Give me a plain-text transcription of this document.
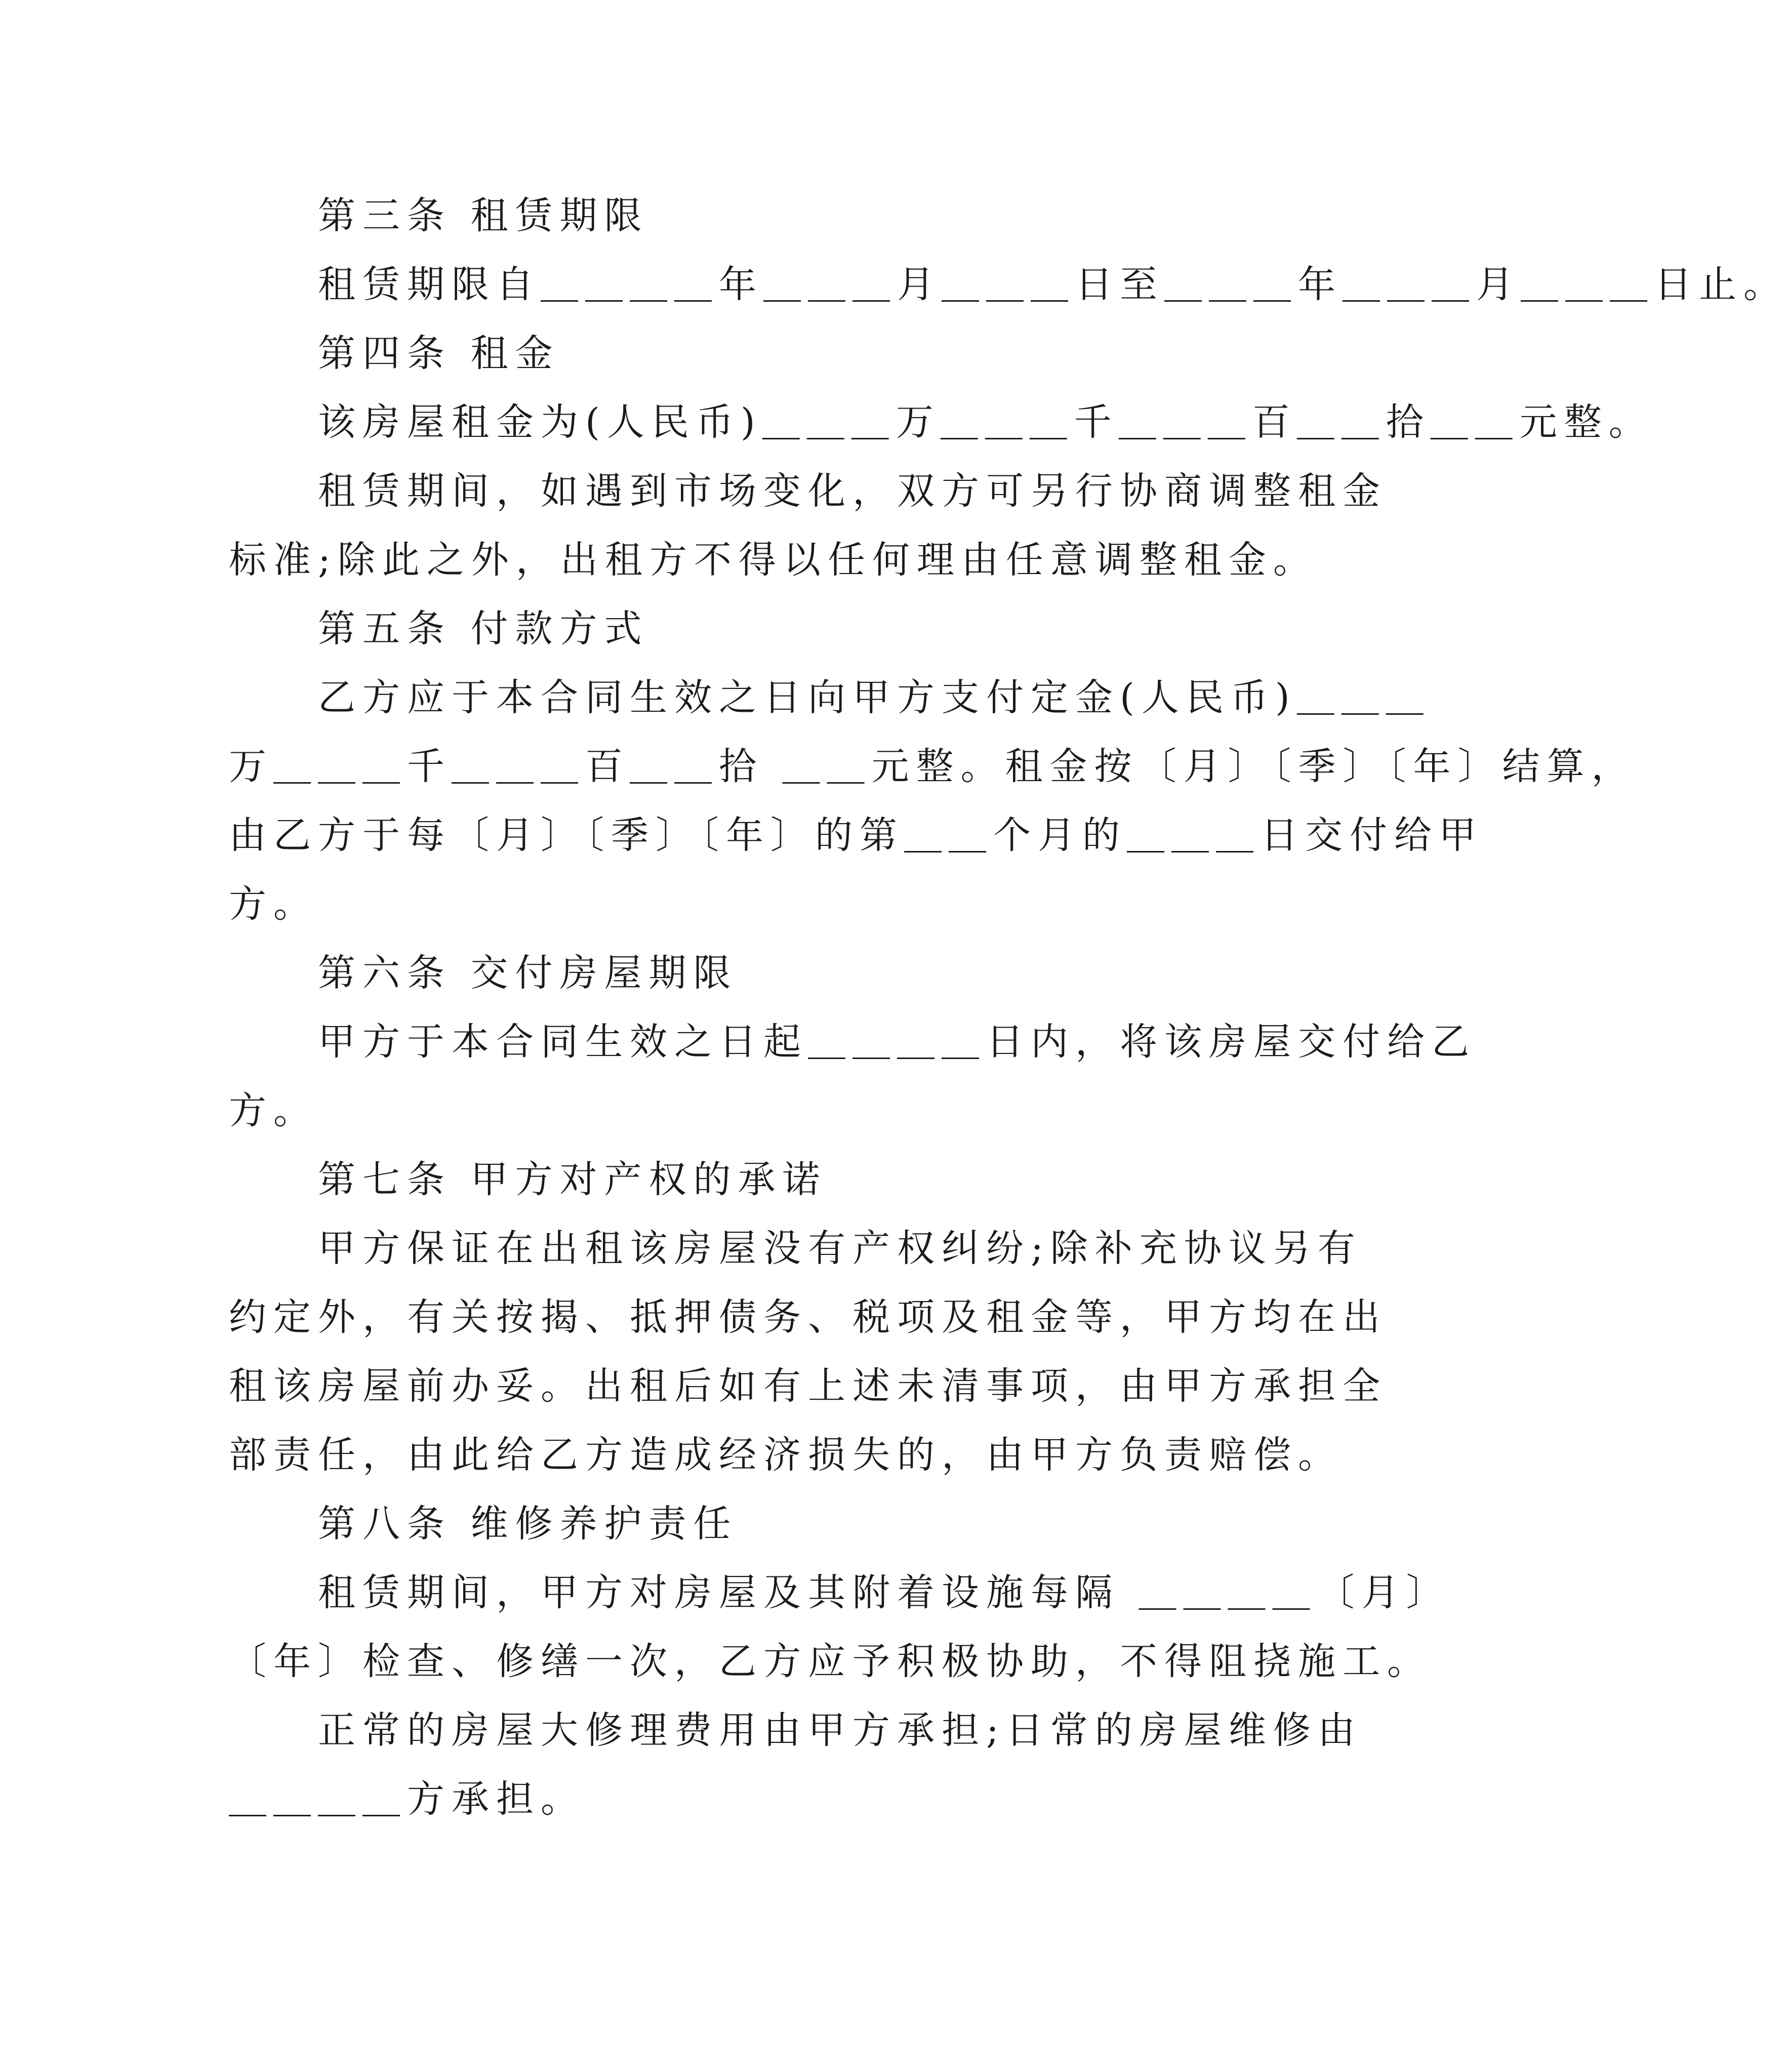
　　第三条 租赁期限
　　租赁期限自＿＿＿＿年＿＿＿月＿＿＿日至＿＿＿年＿＿＿月＿＿＿日止。
　　第四条 租金
　　该房屋租金为(人民币)＿＿＿万＿＿＿千＿＿＿百＿＿拾＿＿元整。
　　租赁期间，如遇到市场变化，双方可另行协商调整租金
标准;除此之外，出租方不得以任何理由任意调整租金。
　　第五条 付款方式
　　乙方应于本合同生效之日向甲方支付定金(人民币)＿＿＿
万＿＿＿千＿＿＿百＿＿拾 ＿＿元整。租金按〔月〕〔季〕〔年〕结算，
由乙方于每〔月〕〔季〕〔年〕的第＿＿个月的＿＿＿日交付给甲
方。
　　第六条 交付房屋期限
　　甲方于本合同生效之日起＿＿＿＿日内，将该房屋交付给乙
方。
　　第七条 甲方对产权的承诺
　　甲方保证在出租该房屋没有产权纠纷;除补充协议另有
约定外，有关按揭、抵押债务、税项及租金等，甲方均在出
租该房屋前办妥。出租后如有上述未清事项，由甲方承担全
部责任，由此给乙方造成经济损失的，由甲方负责赔偿。
　　第八条 维修养护责任
　　租赁期间，甲方对房屋及其附着设施每隔 ＿＿＿＿〔月〕
〔年〕检查、修缮一次，乙方应予积极协助，不得阻挠施工。
　　正常的房屋大修理费用由甲方承担;日常的房屋维修由
＿＿＿＿方承担。
